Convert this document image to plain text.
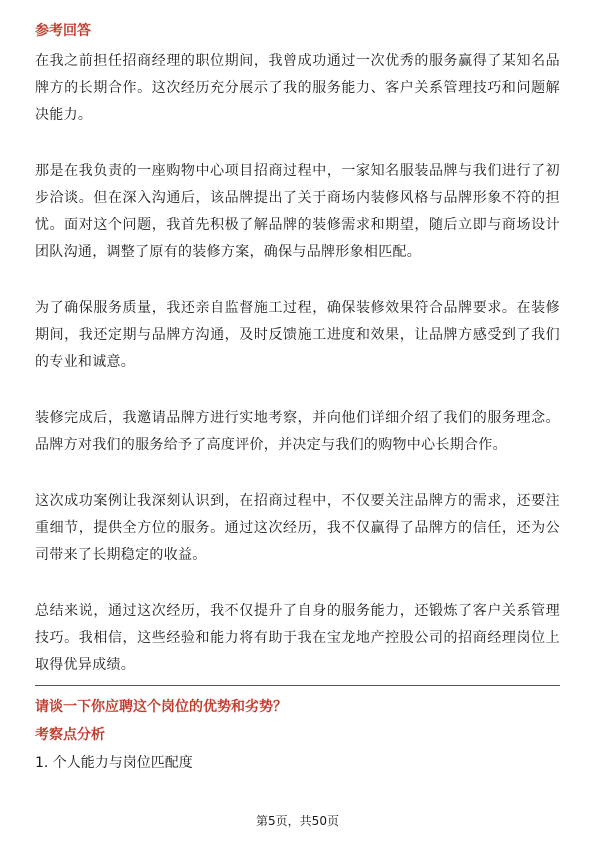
参考回答

在我之前担任招商经理的职位期间，我曾成功通过一次优秀的服务赢得了某知名品牌方的长期合作。这次经历充分展示了我的服务能力、客户关系管理技巧和问题解决能力。

那是在我负责的一座购物中心项目招商过程中，一家知名服装品牌与我们进行了初步洽谈。但在深入沟通后，该品牌提出了关于商场内装修风格与品牌形象不符的担忧。面对这个问题，我首先积极了解品牌的装修需求和期望，随后立即与商场设计团队沟通，调整了原有的装修方案，确保与品牌形象相匹配。

为了确保服务质量，我还亲自监督施工过程，确保装修效果符合品牌要求。在装修期间，我还定期与品牌方沟通，及时反馈施工进度和效果，让品牌方感受到了我们的专业和诚意。

装修完成后，我邀请品牌方进行实地考察，并向他们详细介绍了我们的服务理念。品牌方对我们的服务给予了高度评价，并决定与我们的购物中心长期合作。

这次成功案例让我深刻认识到，在招商过程中，不仅要关注品牌方的需求，还要注重细节，提供全方位的服务。通过这次经历，我不仅赢得了品牌方的信任，还为公司带来了长期稳定的收益。

总结来说，通过这次经历，我不仅提升了自身的服务能力，还锻炼了客户关系管理技巧。我相信，这些经验和能力将有助于我在宝龙地产控股公司的招商经理岗位上取得优异成绩。

请谈一下你应聘这个岗位的优势和劣势？
考察点分析
1. 个人能力与岗位匹配度
第5页，共50页
